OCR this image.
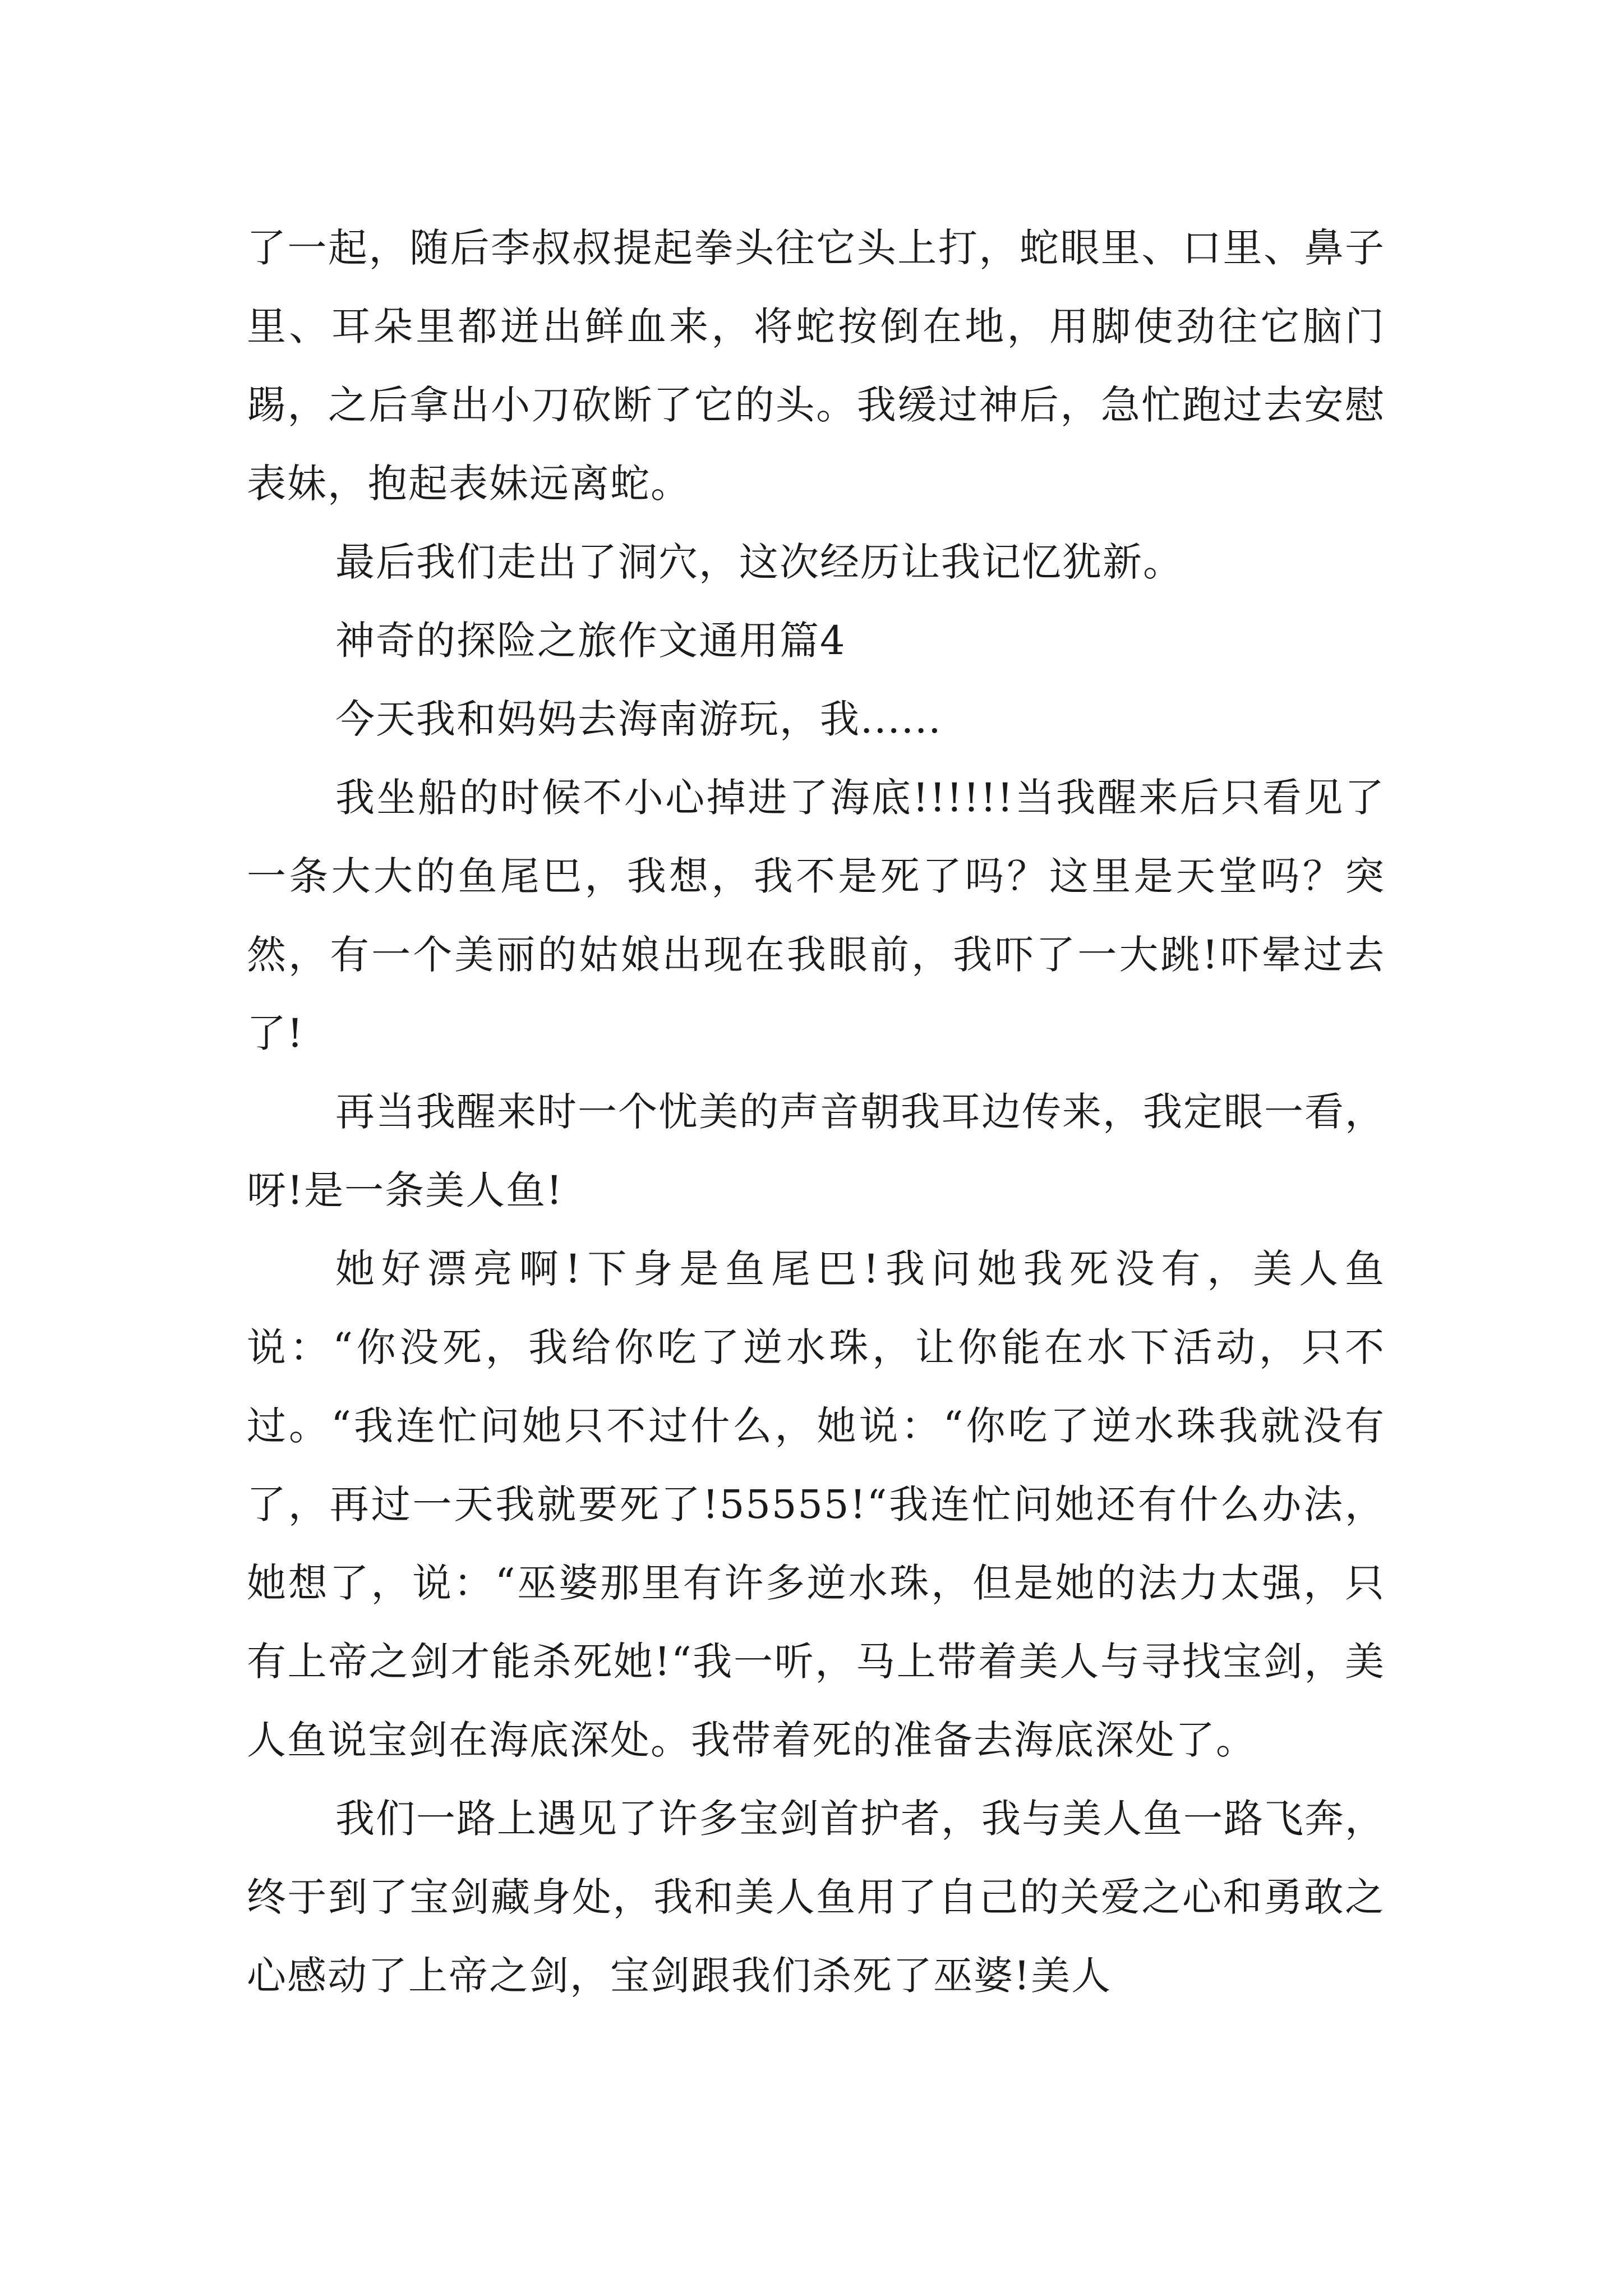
了一起，随后李叔叔提起拳头往它头上打，蛇眼里、口里、鼻子里、耳朵里都迸出鲜血来，将蛇按倒在地，用脚使劲往它脑门踢，之后拿出小刀砍断了它的头。我缓过神后，急忙跑过去安慰表妹，抱起表妹远离蛇。

最后我们走出了洞穴，这次经历让我记忆犹新。

神奇的探险之旅作文通用篇4

今天我和妈妈去海南游玩，我......

我坐船的时候不小心掉进了海底!!!!!!当我醒来后只看见了一条大大的鱼尾巴，我想，我不是死了吗？这里是天堂吗？突然，有一个美丽的姑娘出现在我眼前，我吓了一大跳!吓晕过去了!

再当我醒来时一个忧美的声音朝我耳边传来，我定眼一看，呀!是一条美人鱼!

她好漂亮啊!下身是鱼尾巴!我问她我死没有，美人鱼说：“你没死，我给你吃了逆水珠，让你能在水下活动，只不过。“我连忙问她只不过什么，她说：“你吃了逆水珠我就没有了，再过一天我就要死了!55555!“我连忙问她还有什么办法，她想了，说：“巫婆那里有许多逆水珠，但是她的法力太强，只有上帝之剑才能杀死她!“我一听，马上带着美人与寻找宝剑，美人鱼说宝剑在海底深处。我带着死的准备去海底深处了。

我们一路上遇见了许多宝剑首护者，我与美人鱼一路飞奔，终于到了宝剑藏身处，我和美人鱼用了自己的关爱之心和勇敢之心感动了上帝之剑，宝剑跟我们杀死了巫婆!美人
